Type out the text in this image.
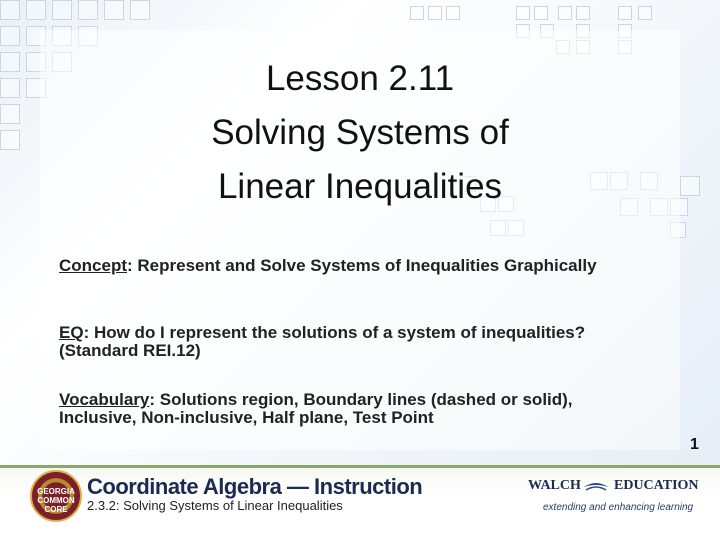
Lesson 2.11
Solving Systems of
Linear Inequalities
Concept: Represent and Solve Systems of Inequalities Graphically
EQ: How do I represent the solutions of a system of inequalities? (Standard REI.12)
Vocabulary: Solutions region, Boundary lines (dashed or solid), Inclusive, Non-inclusive, Half plane, Test Point
1
GEORGIA COMMON CORE
Coordinate Algebra — Instruction
2.3.2: Solving Systems of Linear Inequalities
WALCH EDUCATION
extending and enhancing learning
